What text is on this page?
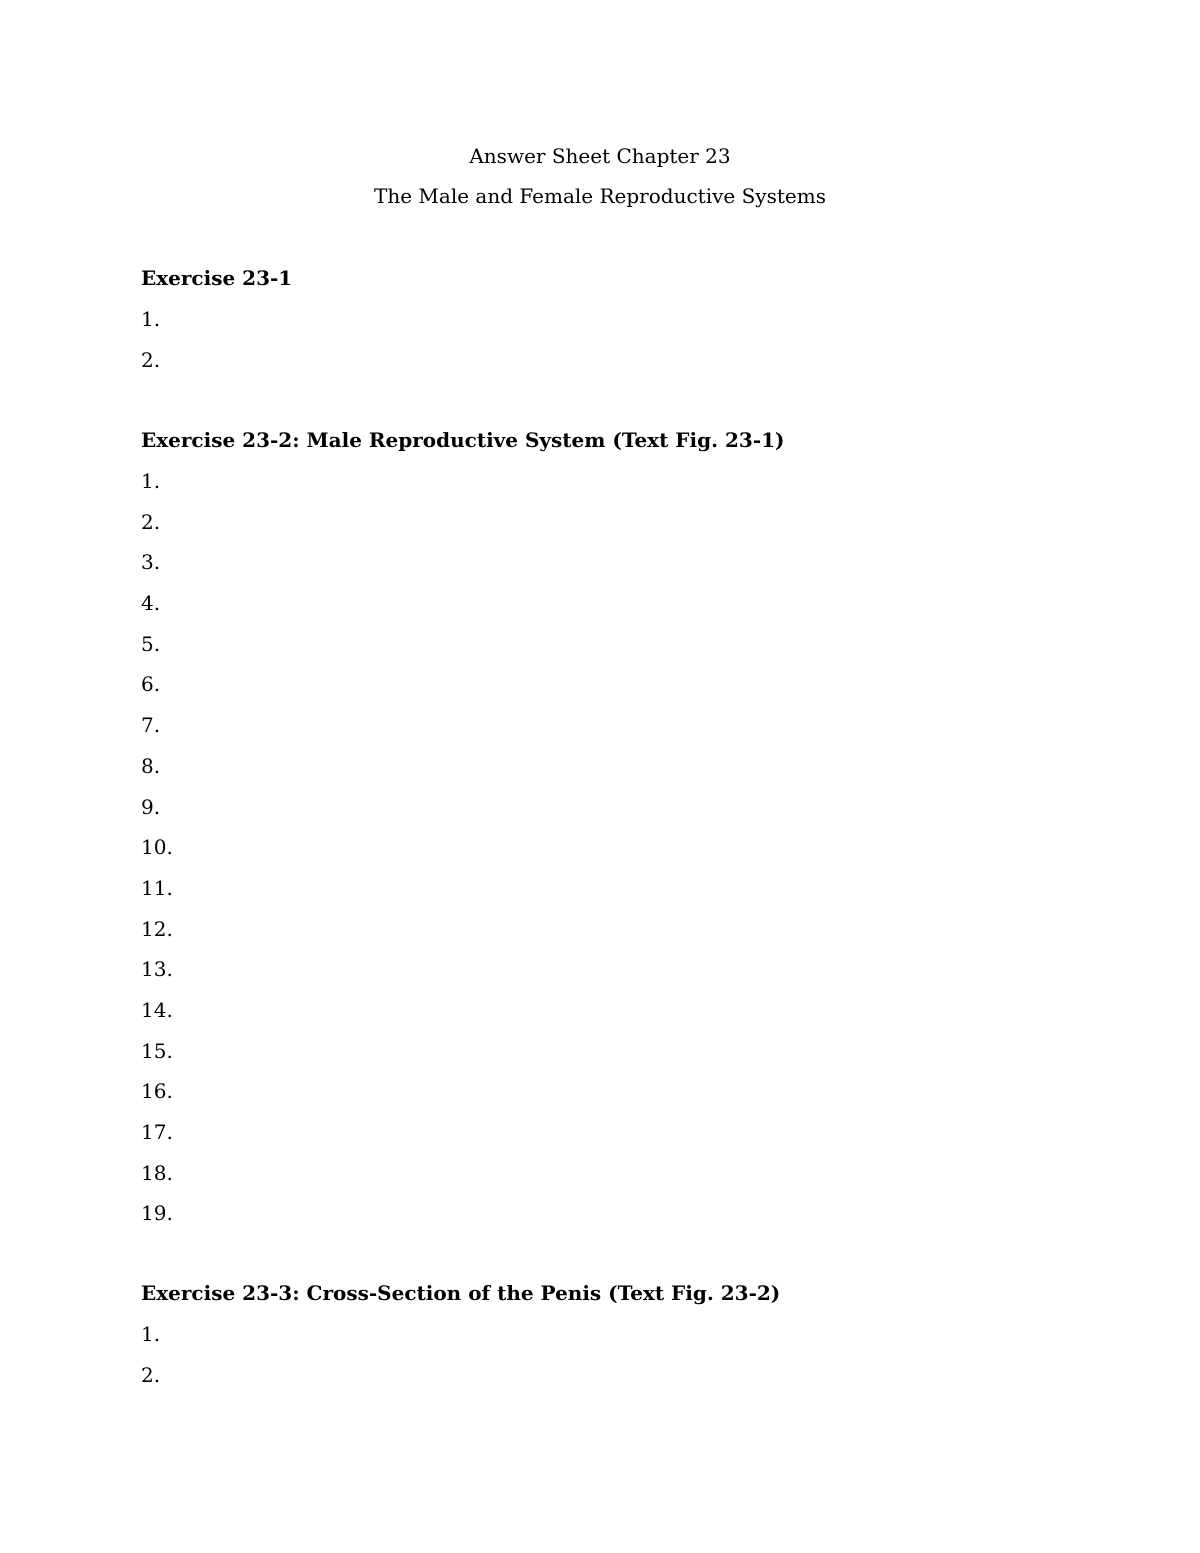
Answer Sheet Chapter 23
The Male and Female Reproductive Systems
Exercise 23-1
1.
2.
Exercise 23-2: Male Reproductive System (Text Fig. 23-1)
1.
2.
3.
4.
5.
6.
7.
8.
9.
10.
11.
12.
13.
14.
15.
16.
17.
18.
19.
Exercise 23-3: Cross-Section of the Penis (Text Fig. 23-2)
1.
2.
